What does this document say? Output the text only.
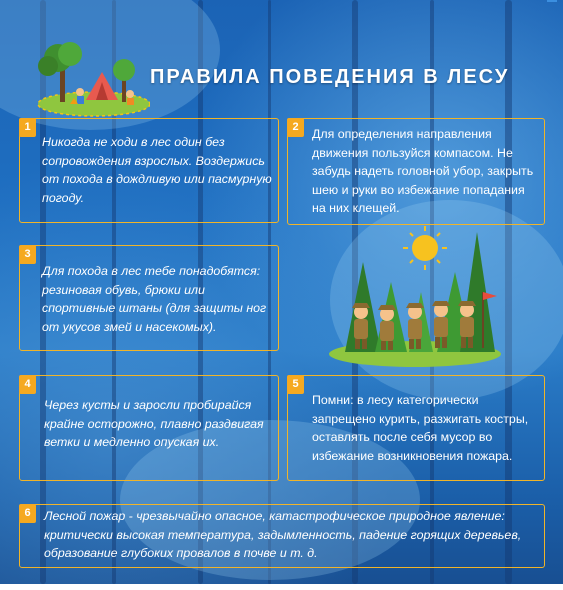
ПРАВИЛА ПОВЕДЕНИЯ В ЛЕСУ
1
Никогда не ходи в лес один без сопровождения взрослых. Воздержись от похода в дождливую или пасмурную погоду.
2	Для определения направления движения пользуйся компасом. Не забудь надеть головной убор, закрыть шею и руки во избежание попадания на них клещей.
3
Для похода в лес тебе понадобятся: резиновая обувь, брюки или спортивные штаны (для защиты ног от укусов змей и насекомых).
4
Через кусты и заросли пробирайся крайне осторожно, плавно раздвигая ветки и медленно опуская их.
5
Помни: в лесу категорически запрещено курить, разжигать костры, оставлять после себя мусор во избежание возникновения пожара.
6	Лесной пожар - чрезвычайно опасное, катастрофическое природное явление: критически высокая температура, задымленность, падение горящих деревьев, образование глубоких провалов в почве и т. д.
